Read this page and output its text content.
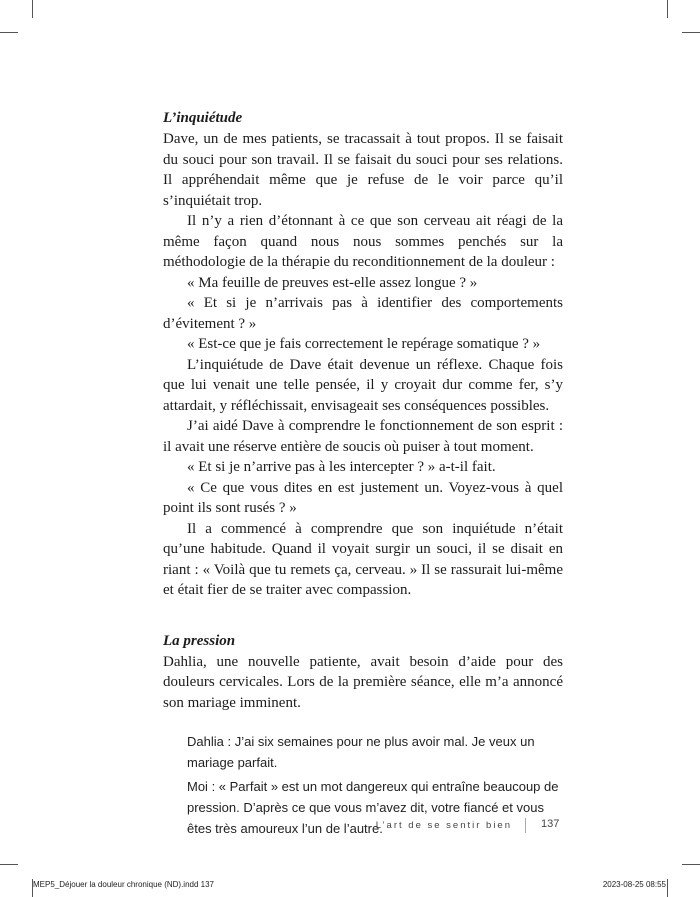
L’inquiétude

Dave, un de mes patients, se tracassait à tout propos. Il se faisait du souci pour son travail. Il se faisait du souci pour ses relations. Il appréhendait même que je refuse de le voir parce qu’il s’inquiétait trop.

Il n’y a rien d’étonnant à ce que son cerveau ait réagi de la même façon quand nous nous sommes penchés sur la méthodologie de la thérapie du reconditionnement de la douleur :

« Ma feuille de preuves est-elle assez longue ? »

« Et si je n’arrivais pas à identifier des comportements d’évitement ? »

« Est-ce que je fais correctement le repérage somatique ? »

L’inquiétude de Dave était devenue un réflexe. Chaque fois que lui venait une telle pensée, il y croyait dur comme fer, s’y attardait, y réfléchissait, envisageait ses conséquences possibles.

J’ai aidé Dave à comprendre le fonctionnement de son esprit : il avait une réserve entière de soucis où puiser à tout moment.

« Et si je n’arrive pas à les intercepter ? » a-t-il fait.

« Ce que vous dites en est justement un. Voyez-vous à quel point ils sont rusés ? »

Il a commencé à comprendre que son inquiétude n’était qu’une habitude. Quand il voyait surgir un souci, il se disait en riant : « Voilà que tu remets ça, cerveau. » Il se rassurait lui-même et était fier de se traiter avec compassion.

La pression

Dahlia, une nouvelle patiente, avait besoin d’aide pour des douleurs cervicales. Lors de la première séance, elle m’a annoncé son mariage imminent.

Dahlia : J’ai six semaines pour ne plus avoir mal. Je veux un mariage parfait.
Moi : « Parfait » est un mot dangereux qui entraîne beaucoup de pression. D’après ce que vous m’avez dit, votre fiancé et vous êtes très amoureux l’un de l’autre.
L’art de se sentir bien	137
MEP5_Déjouer la douleur chronique (ND).indd 137	2023-08-25 08:55
